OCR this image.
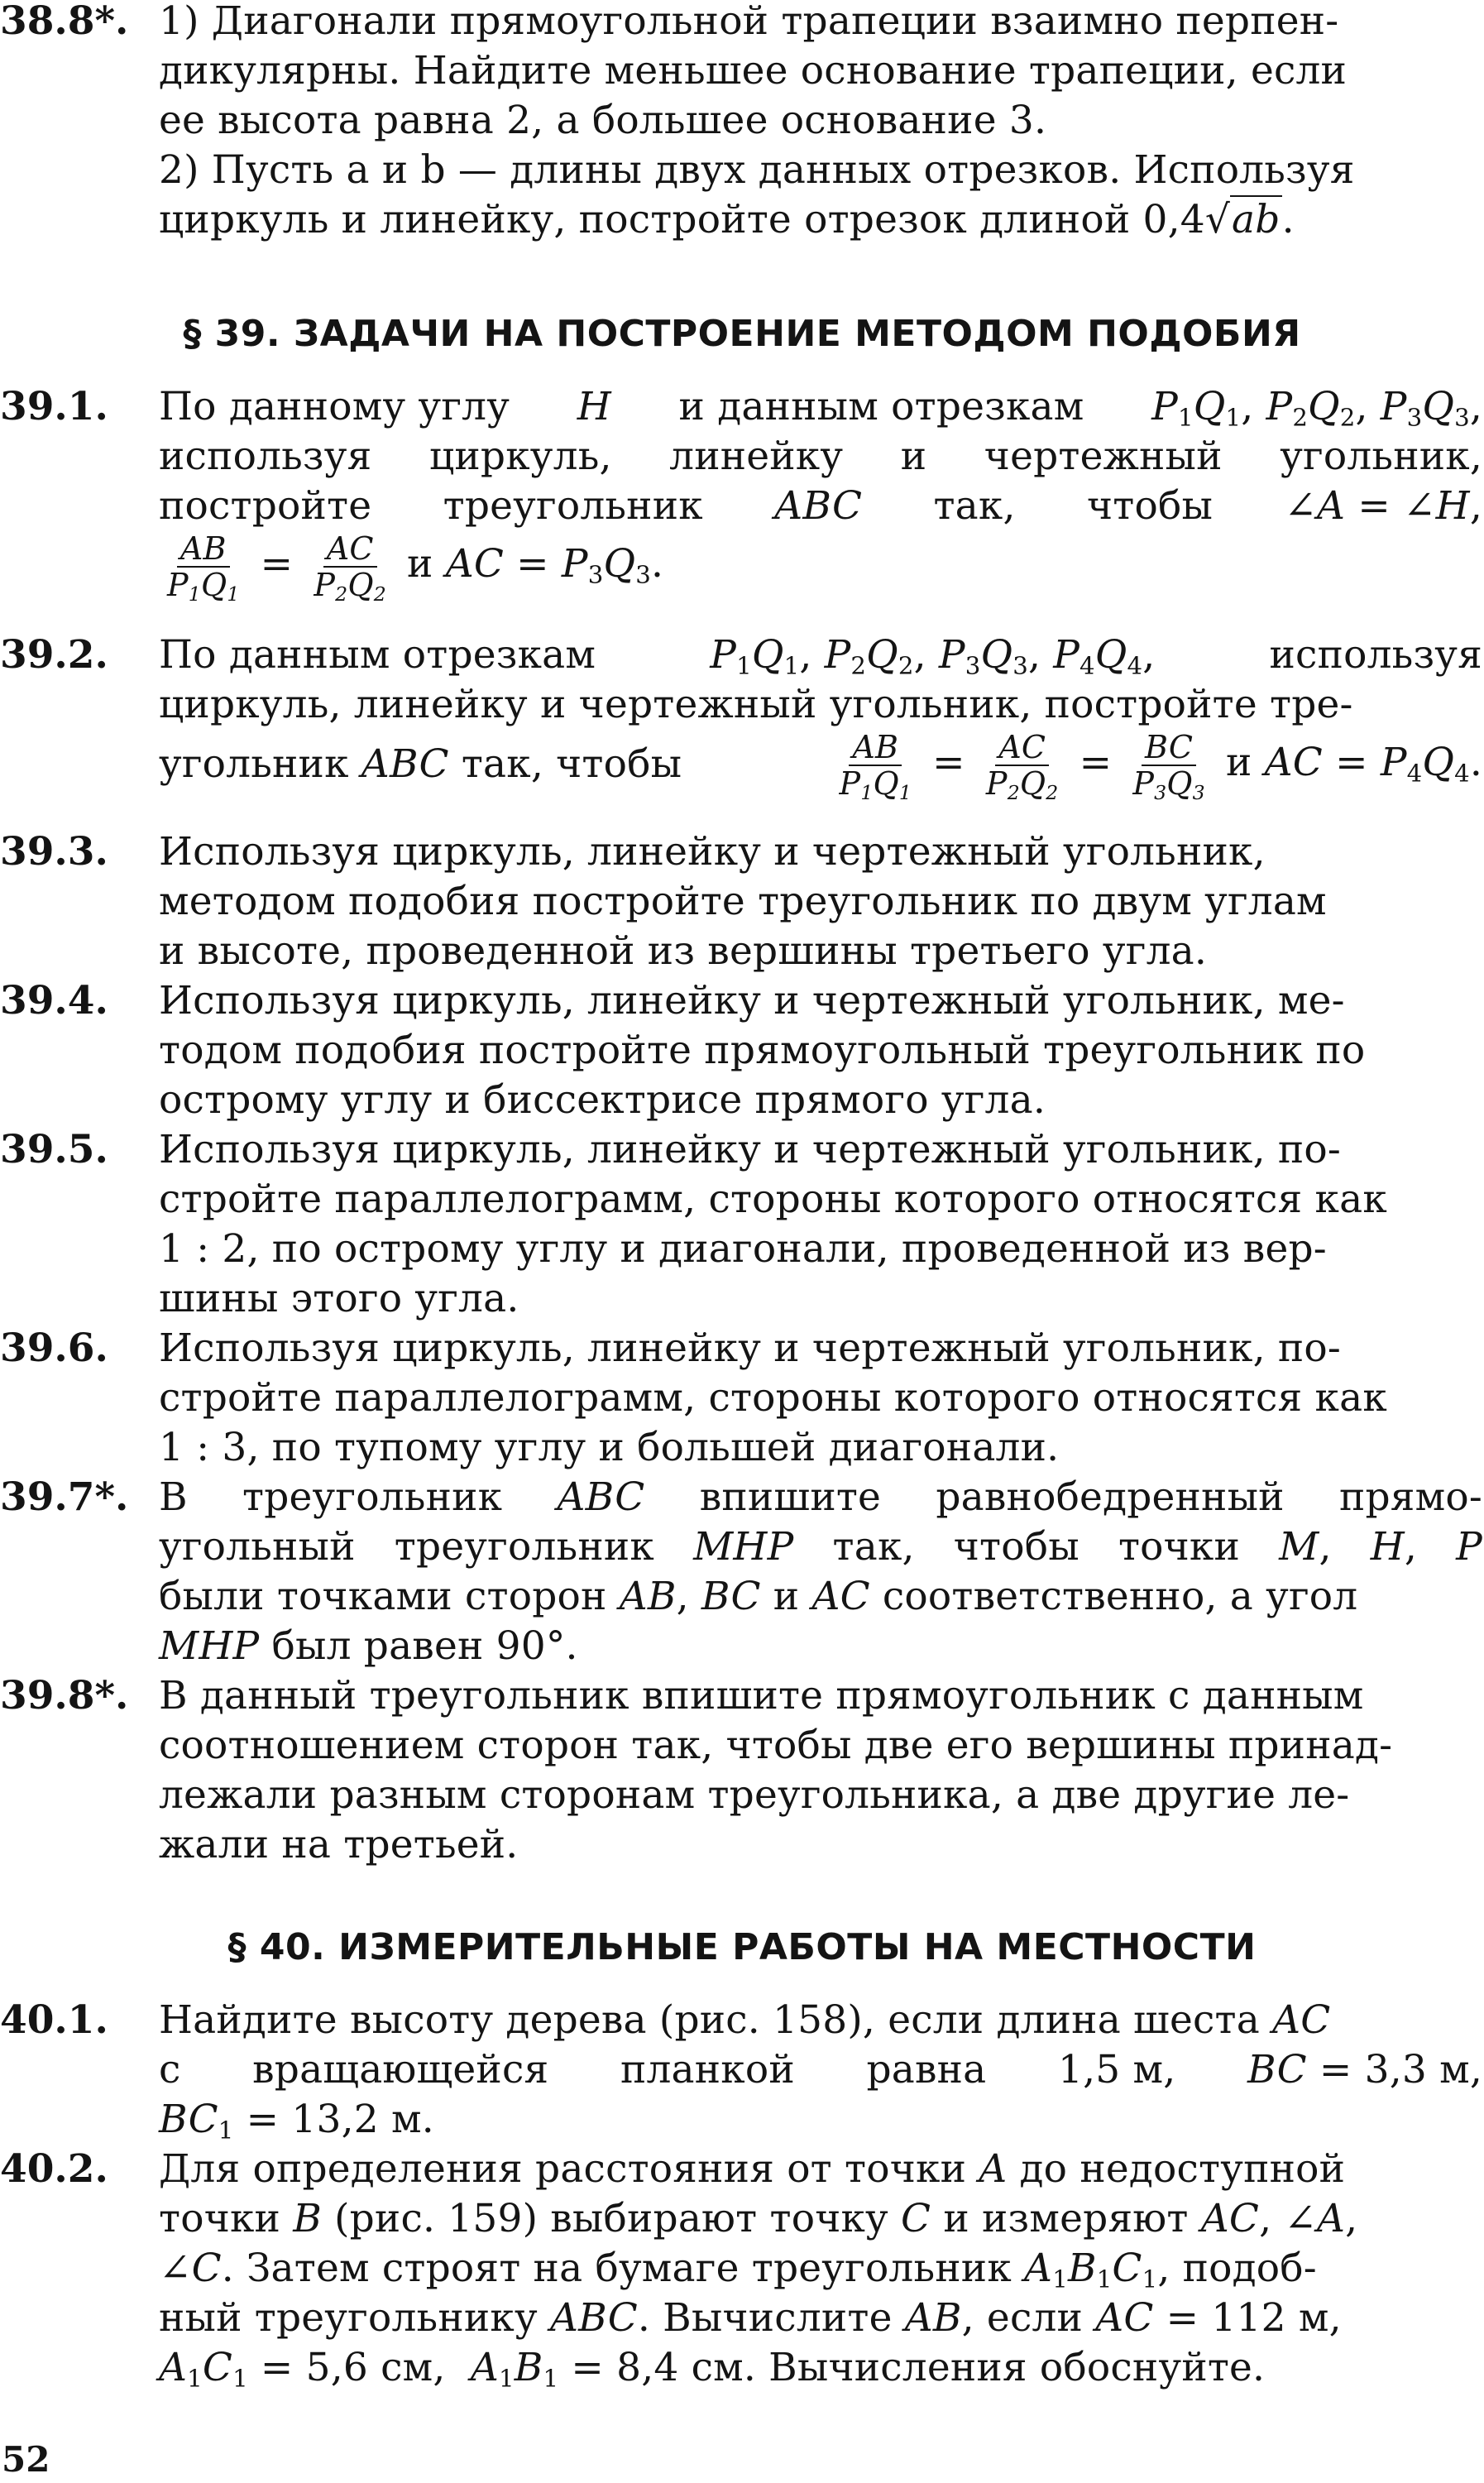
38.8*. 1) Диагонали прямоугольной трапеции взаимно перпен-
дикулярны. Найдите меньшее основание трапеции, если
ее высота равна 2, а большее основание 3.
2) Пусть a и b — длины двух данных отрезков. Используя
циркуль и линейку, постройте отрезок длиной 0,4√ab.
§ 39. ЗАДАЧИ НА ПОСТРОЕНИЕ МЕТОДОМ ПОДОБИЯ
39.1. По данному углу H и данным отрезкам $P_1Q_1$, $P_2Q_2$, $P_3Q_3$,
используя циркуль, линейку и чертежный угольник,
постройте треугольник ABC так, чтобы ∠A = ∠H,
$\frac{AB}{P_1Q_1} = \frac{AC}{P_2Q_2}$ и AC = $P_3Q_3$.
39.2. По данным отрезкам	$P_1Q_1$, $P_2Q_2$, $P_3Q_3$, $P_4Q_4$,	используя
циркуль, линейку и чертежный угольник, постройте тре-
угольник ABC так, чтобы	$\frac{AB}{P_1Q_1} = \frac{AC}{P_2Q_2} = \frac{BC}{P_3Q_3}$ и AC = $P_4Q_4$.
39.3. Используя циркуль, линейку и чертежный угольник,
методом подобия постройте треугольник по двум углам
и высоте, проведенной из вершины третьего угла.
39.4. Используя циркуль, линейку и чертежный угольник, ме-
тодом подобия постройте прямоугольный треугольник по
острому углу и биссектрисе прямого угла.
39.5. Используя циркуль, линейку и чертежный угольник, по-
стройте параллелограмм, стороны которого относятся как
1 : 2, по острому углу и диагонали, проведенной из вер-
шины этого угла.
39.6. Используя циркуль, линейку и чертежный угольник, по-
стройте параллелограмм, стороны которого относятся как
1 : 3, по тупому углу и большей диагонали.
39.7*. В треугольник ABC впишите равнобедренный прямо-
угольный треугольник MHP так, чтобы точки M, H, P
были точками сторон AB, BC и AC соответственно, а угол
MHP был равен 90°.
39.8*. В данный треугольник впишите прямоугольник с данным
соотношением сторон так, чтобы две его вершины принад-
лежали разным сторонам треугольника, а две другие ле-
жали на третьей.
§ 40. ИЗМЕРИТЕЛЬНЫЕ РАБОТЫ НА МЕСТНОСТИ
40.1. Найдите высоту дерева (рис. 158), если длина шеста AC
с вращающейся планкой равна 1,5 м, BC = 3,3 м,
$BC_1 = 13,2$ м.
40.2. Для определения расстояния от точки A до недоступной
точки B (рис. 159) выбирают точку C и измеряют AC, ∠A,
∠C. Затем строят на бумаге треугольник $A_1B_1C_1$, подоб-
ный треугольнику ABC. Вычислите AB, если AC = 112 м,
$A_1C_1 = 5,6$ см,  $A_1B_1 = 8,4$ см. Вычисления обоснуйте.
52
